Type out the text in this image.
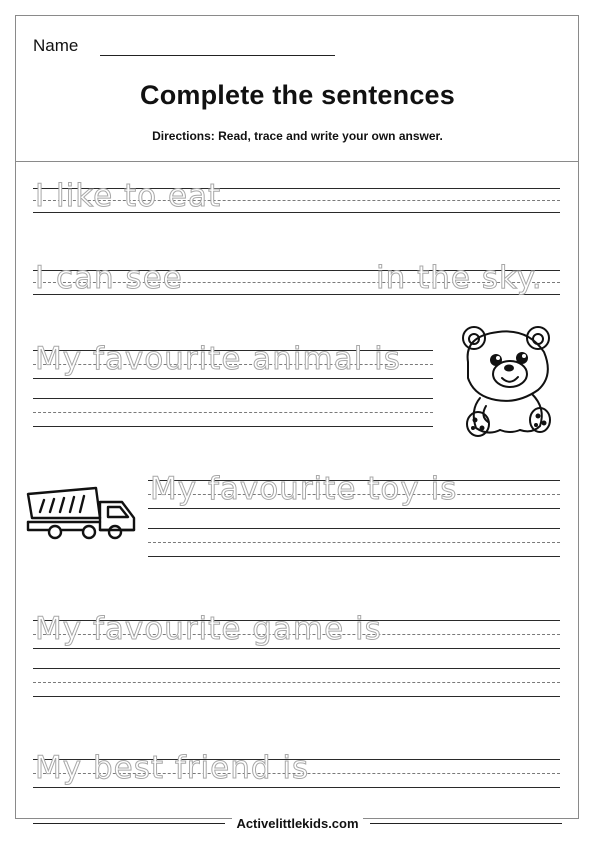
Name
Complete the sentences
Directions: Read, trace and write your own answer.
I like to eat
I can see	in the sky.
My favourite animal is
My favourite toy is
My favourite game is
My best friend is
Activelittlekids.com
